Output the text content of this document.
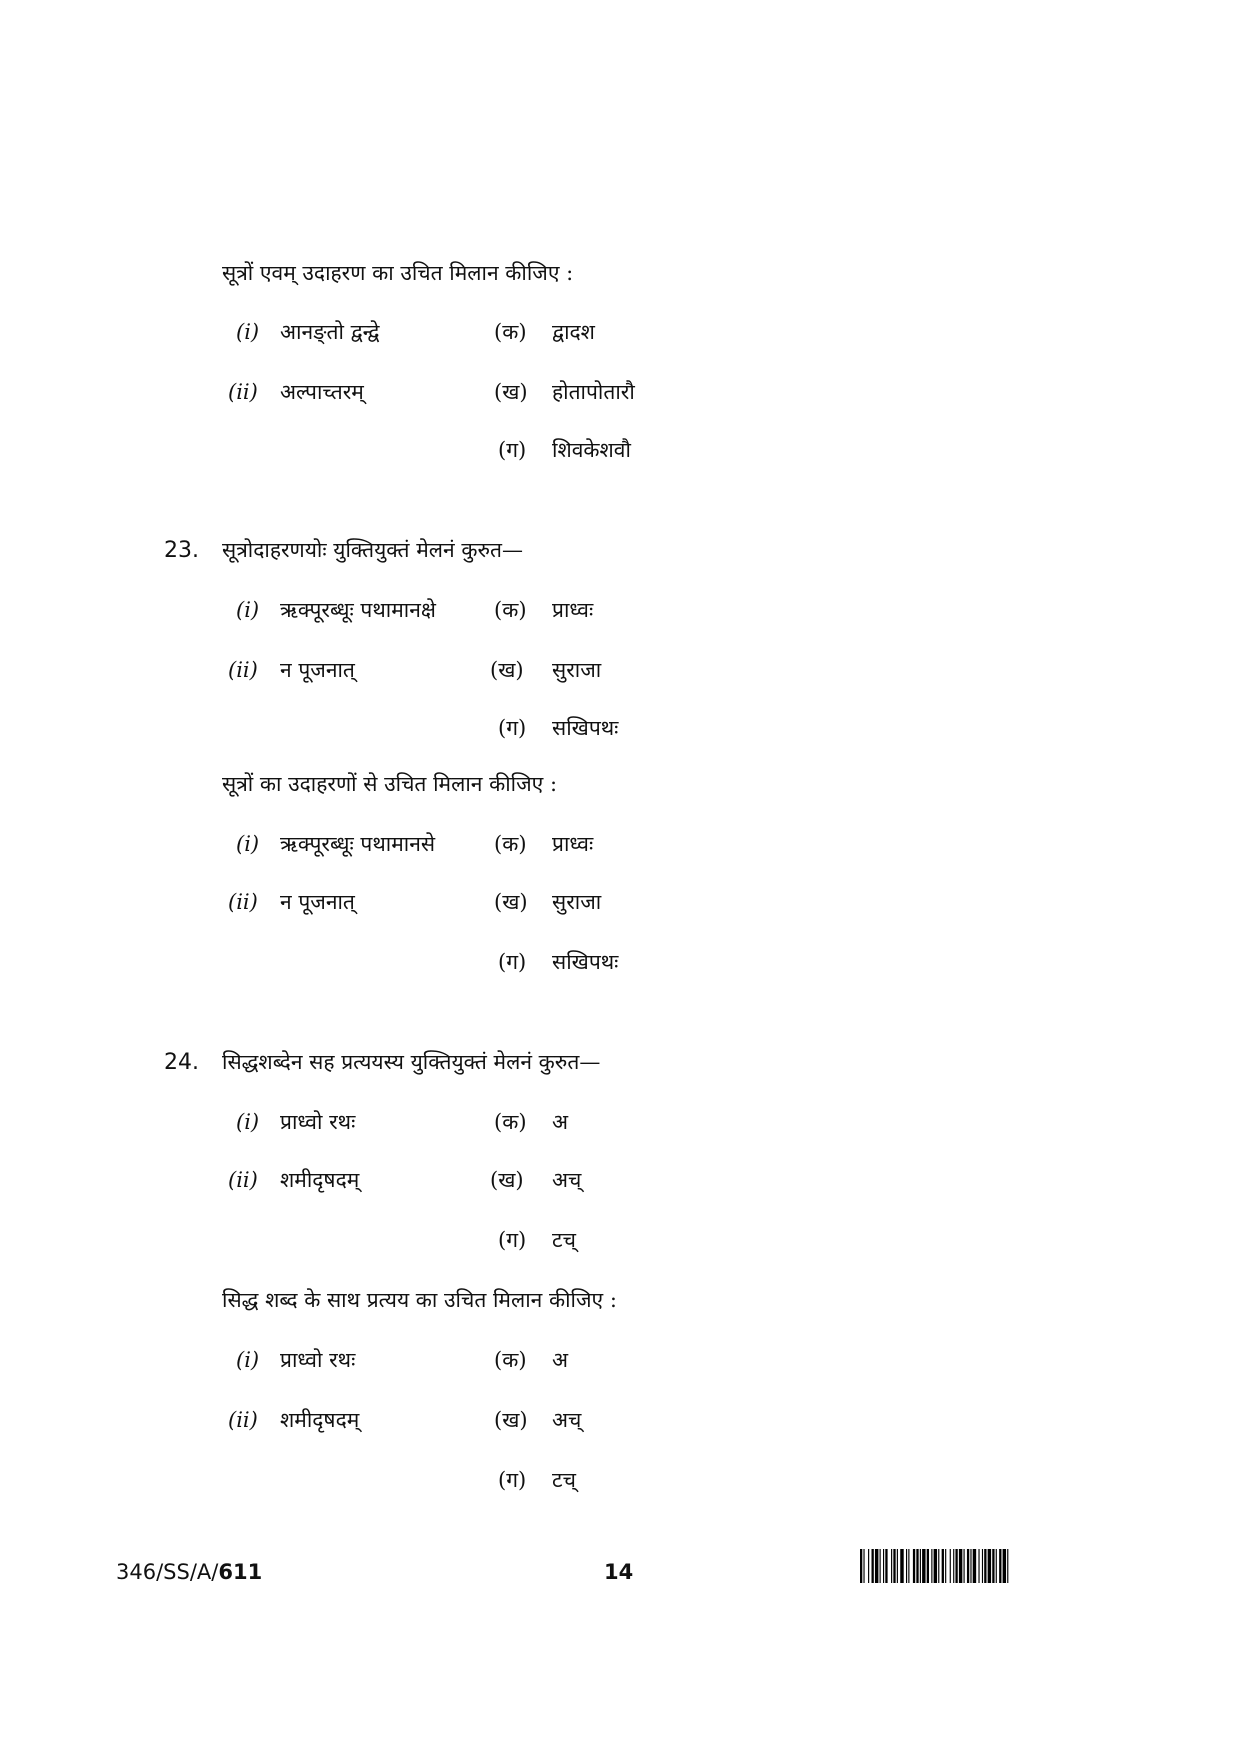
सूत्रों एवम् उदाहरण का उचित मिलान कीजिए :
(i) आनङ्तो द्वन्द्वे	(क) द्वादश
(ii) अल्पाच्तरम्	(ख) होतापोतारौ
(ग) शिवकेशवौ
23. सूत्रोदाहरणयोः युक्तियुक्तं मेलनं कुरुत—
(i) ऋक्पूरब्धूः पथामानक्षे	(क) प्राध्वः
(ii) न पूजनात्	(ख) सुराजा
(ग) सखिपथः
सूत्रों का उदाहरणों से उचित मिलान कीजिए :
(i) ऋक्पूरब्धूः पथामानसे	(क) प्राध्वः
(ii) न पूजनात्	(ख) सुराजा
(ग) सखिपथः
24. सिद्धशब्देन सह प्रत्ययस्य युक्तियुक्तं मेलनं कुरुत—
(i) प्राध्वो रथः	(क) अ
(ii) शमीदृषदम्	(ख) अच्
(ग) टच्
सिद्ध शब्द के साथ प्रत्यय का उचित मिलान कीजिए :
(i) प्राध्वो रथः	(क) अ
(ii) शमीदृषदम्	(ख) अच्
(ग) टच्
346/SS/A/611	14
